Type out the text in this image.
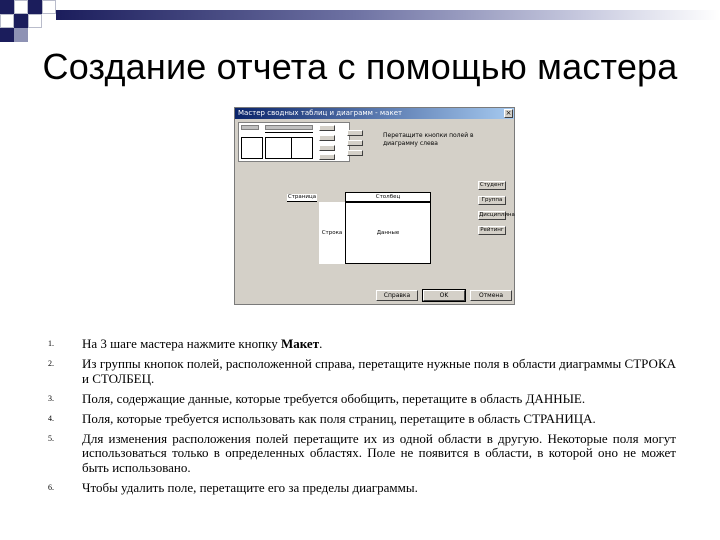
Создание отчета с помощью мастера
Мастер сводных таблиц и диаграмм - макет	×
Перетащите кнопки полей в диаграмму слева
Страница	Столбец
Строка	Данные
Студент
Группа
Дисциплина
Рейтинг
Справка	OK	Отмена
1. На 3 шаге мастера нажмите кнопку Макет.
2. Из группы кнопок полей, расположенной справа, перетащите нужные поля в области диаграммы СТРОКА и СТОЛБЕЦ.
3. Поля, содержащие данные, которые требуется обобщить, перетащите в область ДАННЫЕ.
4. Поля, которые требуется использовать как поля страниц, перетащите в область СТРАНИЦА.
5. Для изменения расположения полей перетащите их из одной области в другую. Некоторые поля могут использоваться только в определенных областях. Поле не появится в области, в которой оно не может быть использовано.
6. Чтобы удалить поле, перетащите его за пределы диаграммы.
